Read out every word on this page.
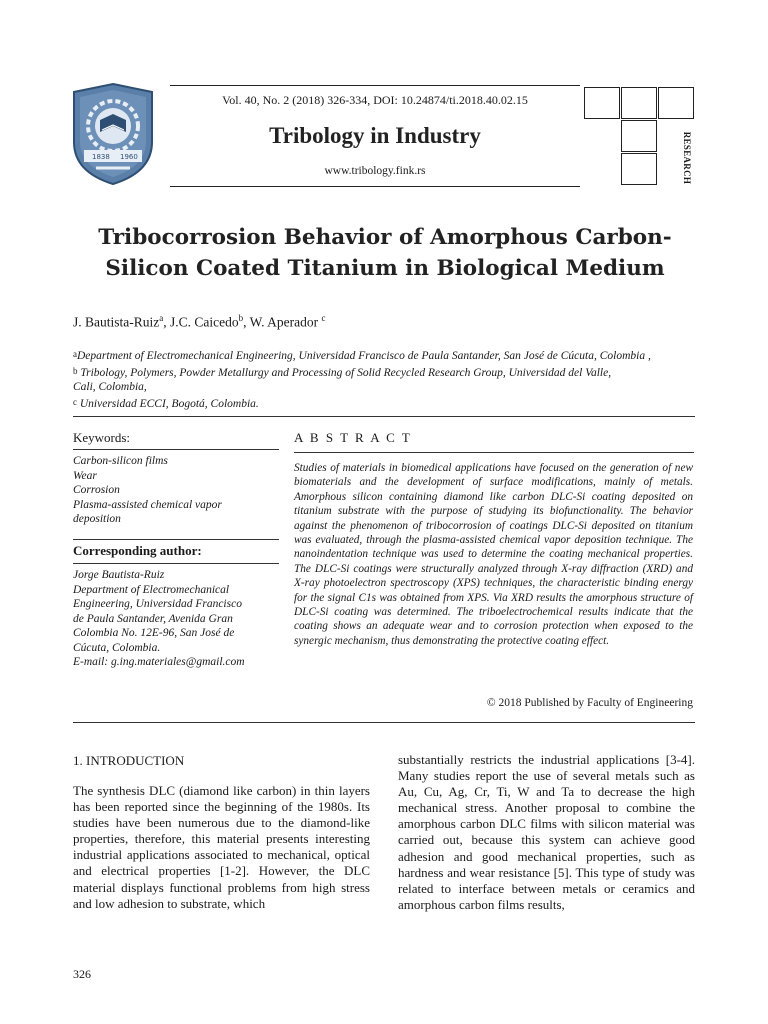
1838 1960
Vol. 40, No. 2 (2018) 326-334, DOI: 10.24874/ti.2018.40.02.15
Tribology in Industry
www.tribology.fink.rs	RESEARCH
Tribocorrosion Behavior of Amorphous Carbon-
Silicon Coated Titanium in Biological Medium
J. Bautista-Ruiz$^a$, J.C. Caicedo$^b$, W. Aperador $^c$
aDepartment of Electromechanical Engineering, Universidad Francisco de Paula Santander, San José de Cúcuta, Colombia ,
b Tribology, Polymers, Powder Metallurgy and Processing of Solid Recycled Research Group, Universidad del Valle,
Cali, Colombia,
c Universidad ECCI, Bogotá, Colombia.
Keywords:
Carbon-silicon films
Wear
Corrosion
Plasma-assisted chemical vapor
deposition
Corresponding author:
Jorge Bautista-Ruiz
Department of Electromechanical
Engineering, Universidad Francisco
de Paula Santander, Avenida Gran
Colombia No. 12E-96, San José de
Cúcuta, Colombia.
E-mail: g.ing.materiales@gmail.com
A B S T R A C T
Studies of materials in biomedical applications have focused on the generation of new biomaterials and the development of surface modifications, mainly of metals. Amorphous silicon containing diamond like carbon DLC-Si coating deposited on titanium substrate with the purpose of studying its biofunctionality. The behavior against the phenomenon of tribocorrosion of coatings DLC-Si deposited on titanium was evaluated, through the plasma-assisted chemical vapor deposition technique. The nanoindentation technique was used to determine the coating mechanical properties. The DLC-Si coatings were structurally analyzed through X-ray diffraction (XRD) and X-ray photoelectron spectroscopy (XPS) techniques, the characteristic binding energy for the signal C1s was obtained from XPS. Via XRD results the amorphous structure of DLC-Si coating was determined. The triboelectrochemical results indicate that the coating shows an adequate wear and to corrosion protection when exposed to the synergic mechanism, thus demonstrating the protective coating effect.
© 2018 Published by Faculty of Engineering
1. INTRODUCTION
The synthesis DLC (diamond like carbon) in thin layers has been reported since the beginning of the 1980s. Its studies have been numerous due to the diamond-like properties, therefore, this material presents interesting industrial applications associated to mechanical, optical and electrical properties [1-2]. However, the DLC material displays functional problems from high stress and low adhesion to substrate, which
substantially restricts the industrial applications [3-4]. Many studies report the use of several metals such as Au, Cu, Ag, Cr, Ti, W and Ta to decrease the high mechanical stress. Another proposal to combine the amorphous carbon DLC films with silicon material was carried out, because this system can achieve good adhesion and good mechanical properties, such as hardness and wear resistance [5]. This type of study was related to interface between metals or ceramics and amorphous carbon films results,
326
